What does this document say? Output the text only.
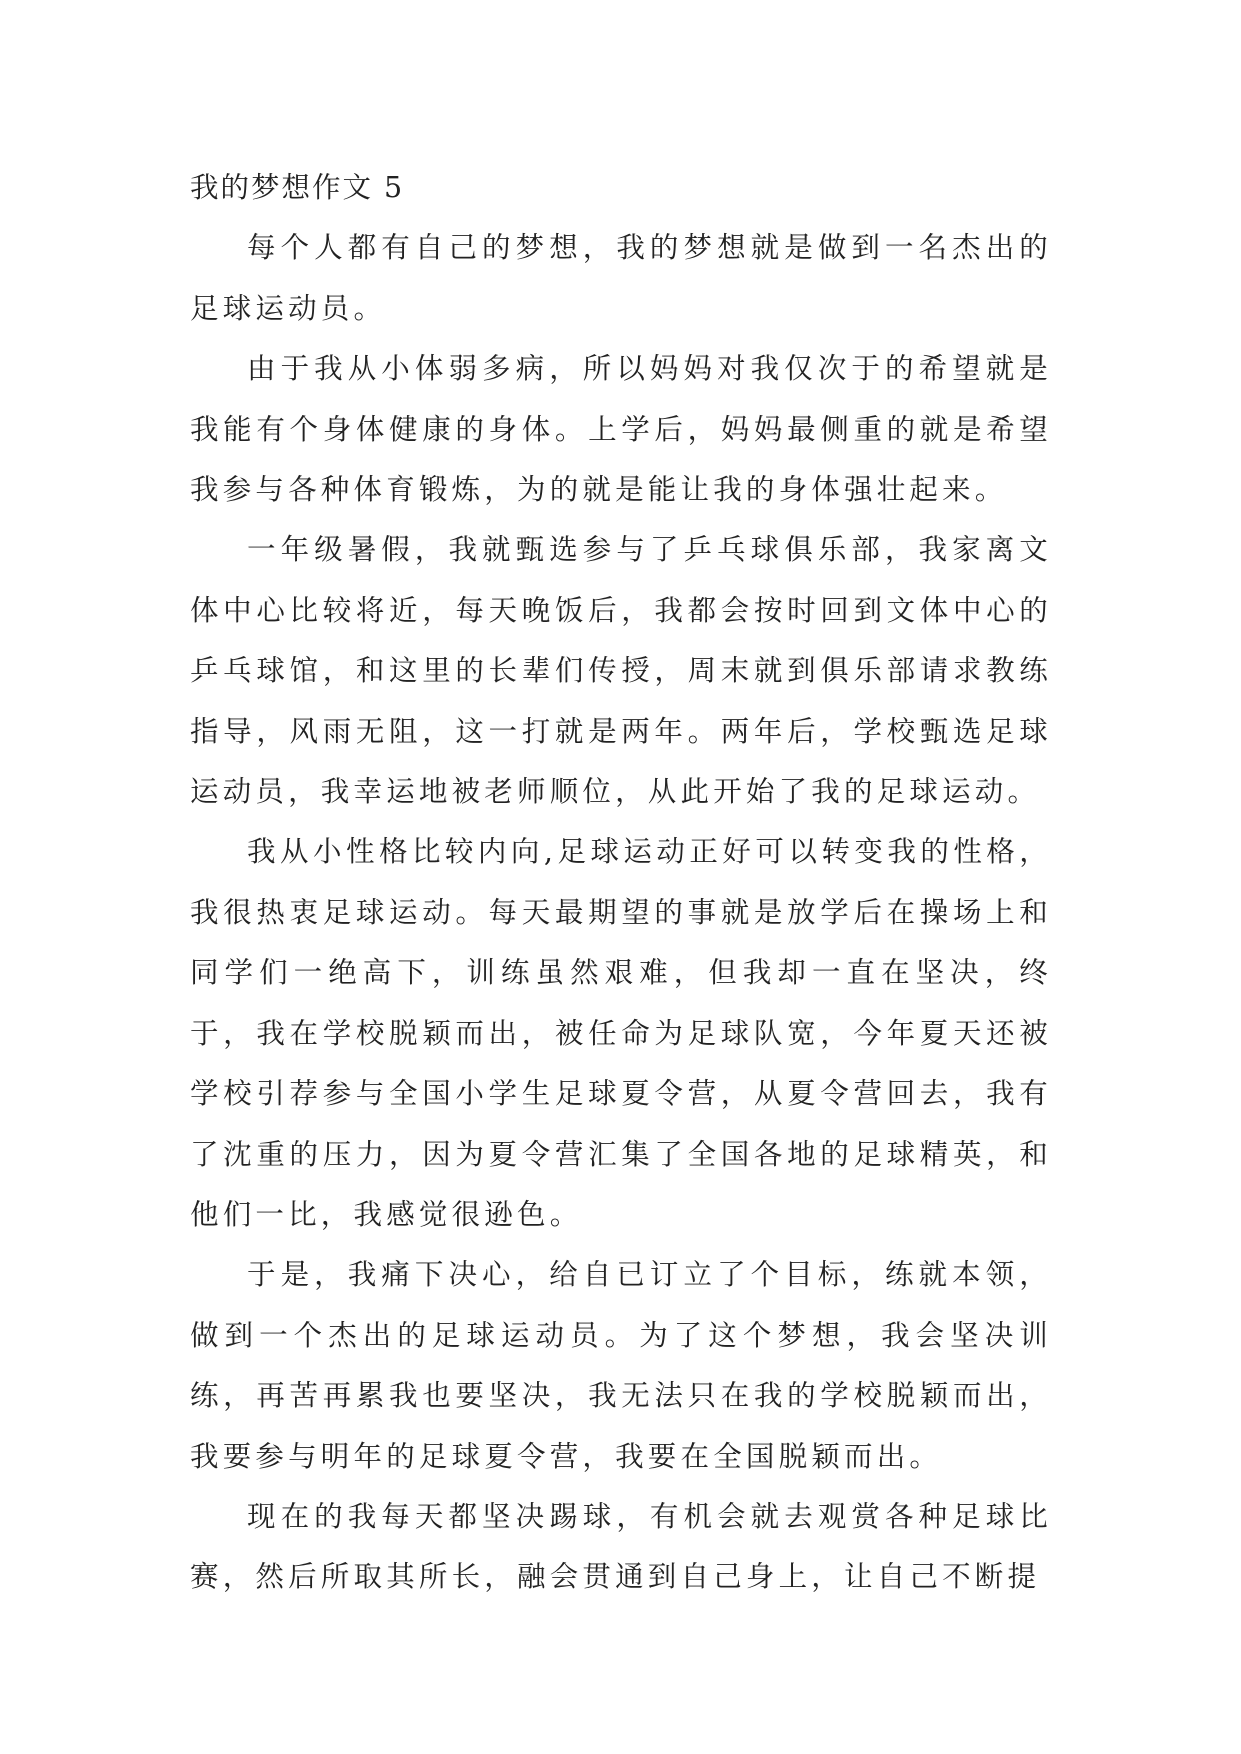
我的梦想作文 5

每个人都有自己的梦想，我的梦想就是做到一名杰出的足球运动员。

由于我从小体弱多病，所以妈妈对我仅次于的希望就是我能有个身体健康的身体。上学后，妈妈最侧重的就是希望我参与各种体育锻炼，为的就是能让我的身体强壮起来。

一年级暑假，我就甄选参与了乒乓球俱乐部，我家离文体中心比较将近，每天晚饭后，我都会按时回到文体中心的乒乓球馆，和这里的长辈们传授，周末就到俱乐部请求教练指导，风雨无阻，这一打就是两年。两年后，学校甄选足球运动员，我幸运地被老师顺位，从此开始了我的足球运动。

我从小性格比较内向,足球运动正好可以转变我的性格，我很热衷足球运动。每天最期望的事就是放学后在操场上和同学们一绝高下，训练虽然艰难，但我却一直在坚决，终于，我在学校脱颖而出，被任命为足球队宽，今年夏天还被学校引荐参与全国小学生足球夏令营，从夏令营回去，我有了沈重的压力，因为夏令营汇集了全国各地的足球精英，和他们一比，我感觉很逊色。

于是，我痛下决心，给自已订立了个目标，练就本领，做到一个杰出的足球运动员。为了这个梦想，我会坚决训练，再苦再累我也要坚决，我无法只在我的学校脱颖而出，我要参与明年的足球夏令营，我要在全国脱颖而出。

现在的我每天都坚决踢球，有机会就去观赏各种足球比赛，然后所取其所长，融会贯通到自己身上，让自己不断提
